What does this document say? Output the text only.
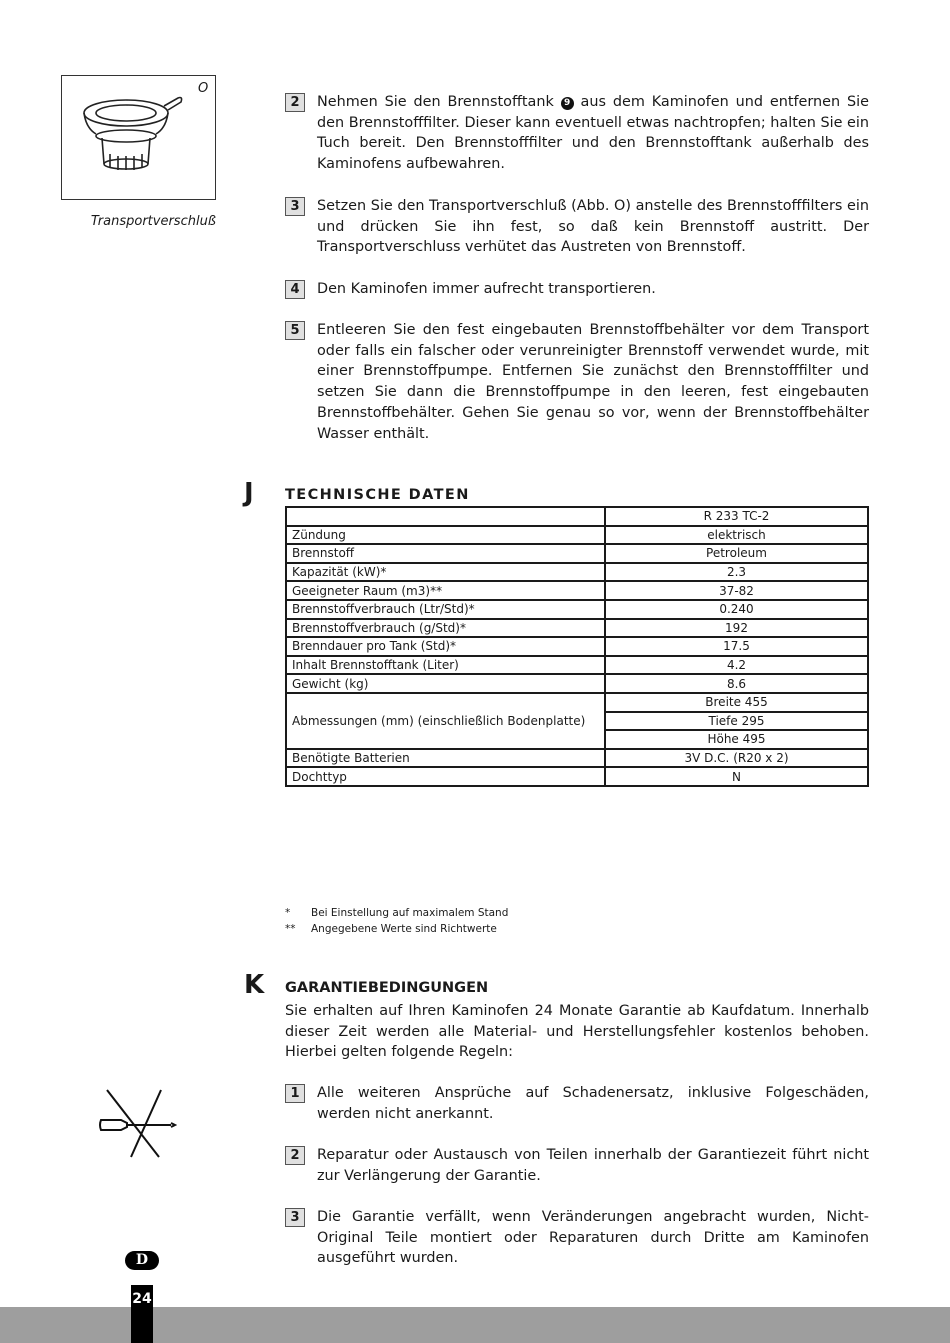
O
Transportverschluß
2	Nehmen Sie den Brennstofftank 9 aus dem Kaminofen und entfernen Sie den Brennstofffilter. Dieser kann eventuell etwas nachtropfen; halten Sie ein Tuch bereit. Den Brennstofffilter und den Brennstofftank außerhalb des Kaminofens aufbewahren.
3	Setzen Sie den Transportverschluß (Abb. O) anstelle des Brennstofffilters ein und drücken Sie ihn fest, so daß kein Brennstoff austritt. Der Transportverschluss verhütet das Austreten von Brennstoff.
4	Den Kaminofen immer aufrecht transportieren.
5	Entleeren Sie den fest eingebauten Brennstoffbehälter vor dem Transport oder falls ein falscher oder verunreinigter Brennstoff verwendet wurde, mit einer Brennstoffpumpe. Entfernen Sie zunächst den Brennstofffilter und setzen Sie dann die Brennstoffpumpe in den leeren, fest eingebauten Brennstoffbehälter. Gehen Sie genau so vor, wenn der Brennstoffbehälter Wasser enthält.
J TECHNISCHE DATEN
	R 233 TC-2
Zündung	elektrisch
Brennstoff	Petroleum
Kapazität (kW)*	2.3
Geeigneter Raum (m3)**	37-82
Brennstoffverbrauch (Ltr/Std)*	0.240
Brennstoffverbrauch (g/Std)*	192
Brenndauer pro Tank (Std)*	17.5
Inhalt Brennstofftank (Liter)	4.2
Gewicht (kg)	8.6
Abmessungen (mm) (einschließlich Bodenplatte)	Breite 455
	Tiefe 295
	Höhe 495
Benötigte Batterien	3V D.C. (R20 x 2)
Dochttyp	N
* Bei Einstellung auf maximalem Stand
** Angegebene Werte sind Richtwerte
K GARANTIEBEDINGUNGEN
Sie erhalten auf Ihren Kaminofen 24 Monate Garantie ab Kaufdatum. Innerhalb dieser Zeit werden alle Material- und Herstellungsfehler kostenlos behoben. Hierbei gelten folgende Regeln:
1	Alle weiteren Ansprüche auf Schadenersatz, inklusive Folgeschäden, werden nicht anerkannt.
2	Reparatur oder Austausch von Teilen innerhalb der Garantiezeit führt nicht zur Verlängerung der Garantie.
3	Die Garantie verfällt, wenn Veränderungen angebracht wurden, Nicht-Original Teile montiert oder Reparaturen durch Dritte am Kaminofen ausgeführt wurden.
D
24
